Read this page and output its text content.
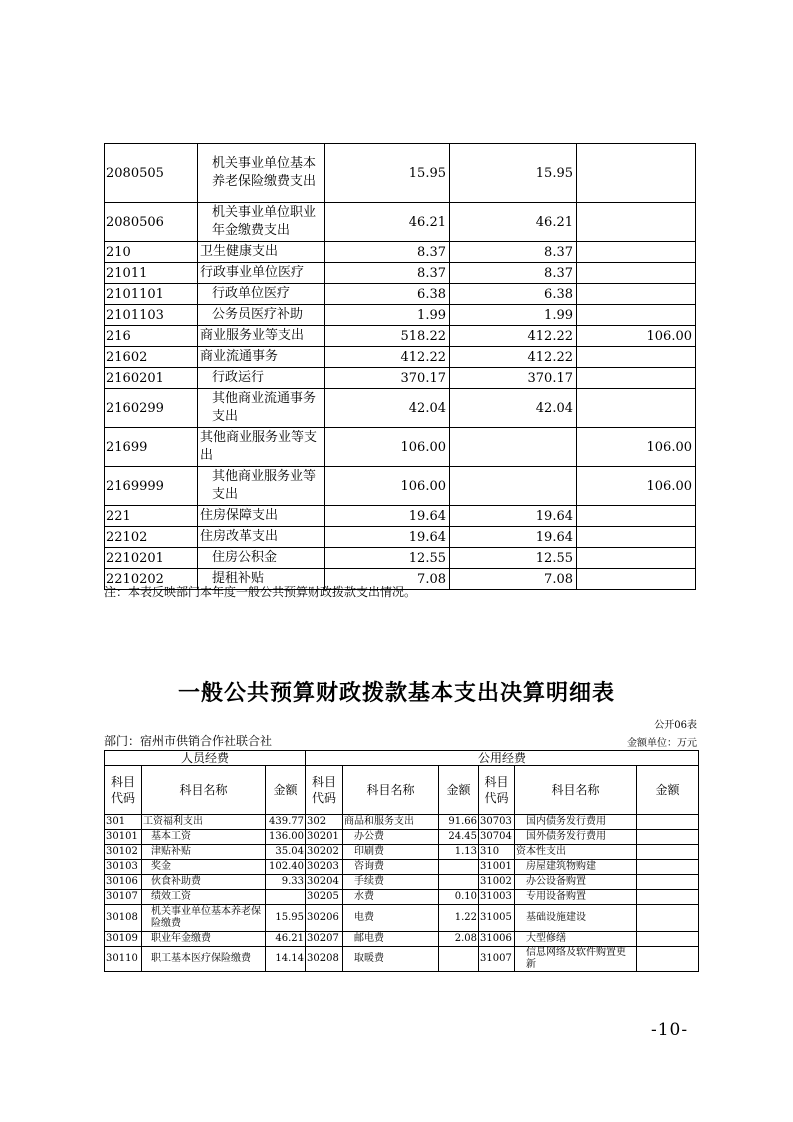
2080505	机关事业单位基本养老保险缴费支出	15.95	15.95	
2080506	机关事业单位职业年金缴费支出	46.21	46.21	
210	卫生健康支出	8.37	8.37	
21011	行政事业单位医疗	8.37	8.37	
2101101	行政单位医疗	6.38	6.38	
2101103	公务员医疗补助	1.99	1.99	
216	商业服务业等支出	518.22	412.22	106.00
21602	商业流通事务	412.22	412.22	
2160201	行政运行	370.17	370.17	
2160299	其他商业流通事务支出	42.04	42.04	
21699	其他商业服务业等支出	106.00		106.00
2169999	其他商业服务业等支出	106.00		106.00
221	住房保障支出	19.64	19.64	
22102	住房改革支出	19.64	19.64	
2210201	住房公积金	12.55	12.55	
2210202	提租补贴	7.08	7.08	
注：本表反映部门本年度一般公共预算财政拨款支出情况。
一般公共预算财政拨款基本支出决算明细表
公开06表
部门：宿州市供销合作社联合社	金额单位：万元
人员经费			公用经费					
科目代码	科目名称	金额	科目代码	科目名称	金额	科目代码	科目名称	金额
301	工资福利支出	439.77	302	商品和服务支出	91.66	30703	国内债务发行费用	
30101	基本工资	136.00	30201	办公费	24.45	30704	国外债务发行费用	
30102	津贴补贴	35.04	30202	印刷费	1.13	310	资本性支出	
30103	奖金	102.40	30203	咨询费		31001	房屋建筑物购建	
30106	伙食补助费	9.33	30204	手续费		31002	办公设备购置	
30107	绩效工资		30205	水费	0.10	31003	专用设备购置	
30108	机关事业单位基本养老保险缴费	15.95	30206	电费	1.22	31005	基础设施建设	
30109	职业年金缴费	46.21	30207	邮电费	2.08	31006	大型修缮	
30110	职工基本医疗保险缴费	14.14	30208	取暖费		31007	信息网络及软件购置更新	
-10-
